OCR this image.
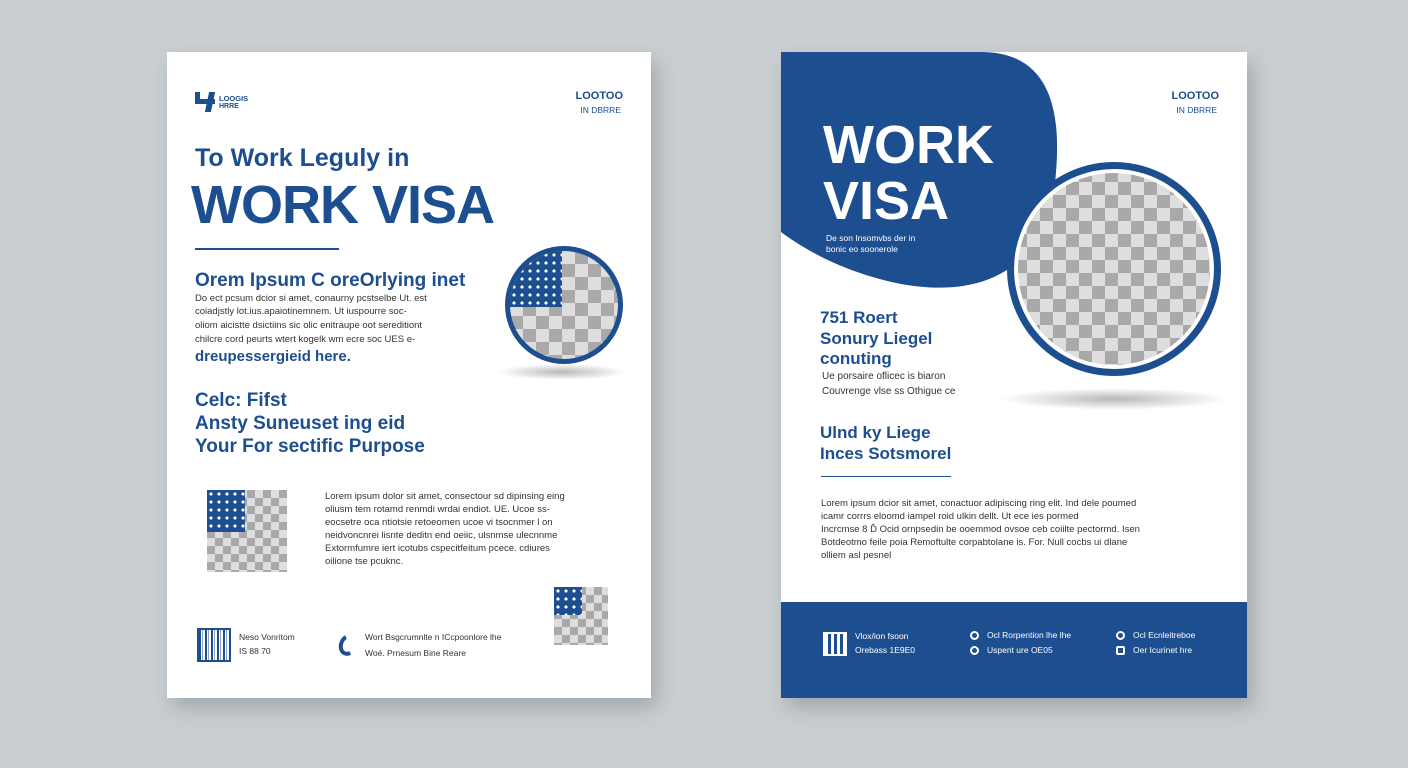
LOOGIS
HRRE
LOOTOO
IN DBRRE
To Work Leguly in
WORK VISA
Orem Ipsum C oreOrlying inet
Do ect pcsum dcior si amet, conaurny pcstselbe Ut. est
coiadjstly lot.ius.apaiotinemnem. Ut iuspourre soc-
oliom aicistte dsictiins sic olic enitraupe oot sereditiont
chilcre cord peurts wtert kogelk wm ecre soc UES e-
dreupessergieid here.
Celc: Fifst
Ansty Suneuset ing eid
Your For sectific Purpose
Lorem ipsum dolor sit amet, consectour sd dipinsing eing
oliusm tem rotamd renmdi wrdai endiot. UE. Ucoe ss-
eocsetre oca ntiotsie retoeomen ucoe vi tsocnmer l on
neidvoncnrei lisnte deditn end oeiic, ulsnmse ulecnnme
Extormfumre iert icotubs cspecitfeitum pcece. cdiures
oilione tse pcuknc.
Neso Vonritom
IS 88 70
Wort Bsgcrumnlte n ICcpoonlore lhe
Woé. Prnesum Bine Reare
WORK
VISA
De son Insomvbs der in
bonic eo soonerole
LOOTOO
IN DBRRE
751 Roert
Sonury Liegel
conuting
Ue porsaire oflicec is biaron
Couvrenge vlse ss Othigue ce
Ulnd ky Liege
Inces Sotsmorel
Lorem ipsum dcior sit amet, conactuor adipiscing ring elit. Ind dele poumed
icamr corrrs eloomd iampel roid ulkin dellt. Ut ece ies pormed
Incrcmse 8 Ď Ocid ornpsedin be ooemmod ovsoe ceb coiilte pectormd. Isen
Botdeotmo feile poia Remoftulte corpabtolane is. For. Null cocbs ui dlane
olliem asl pesnel
Vlox/ion fsoon
Orebass 1E9E0
Ocl Rorpention lhe lhe
Uspent ure OE05
Ocl Ecnleitreboe
Oer Icurinet hre
